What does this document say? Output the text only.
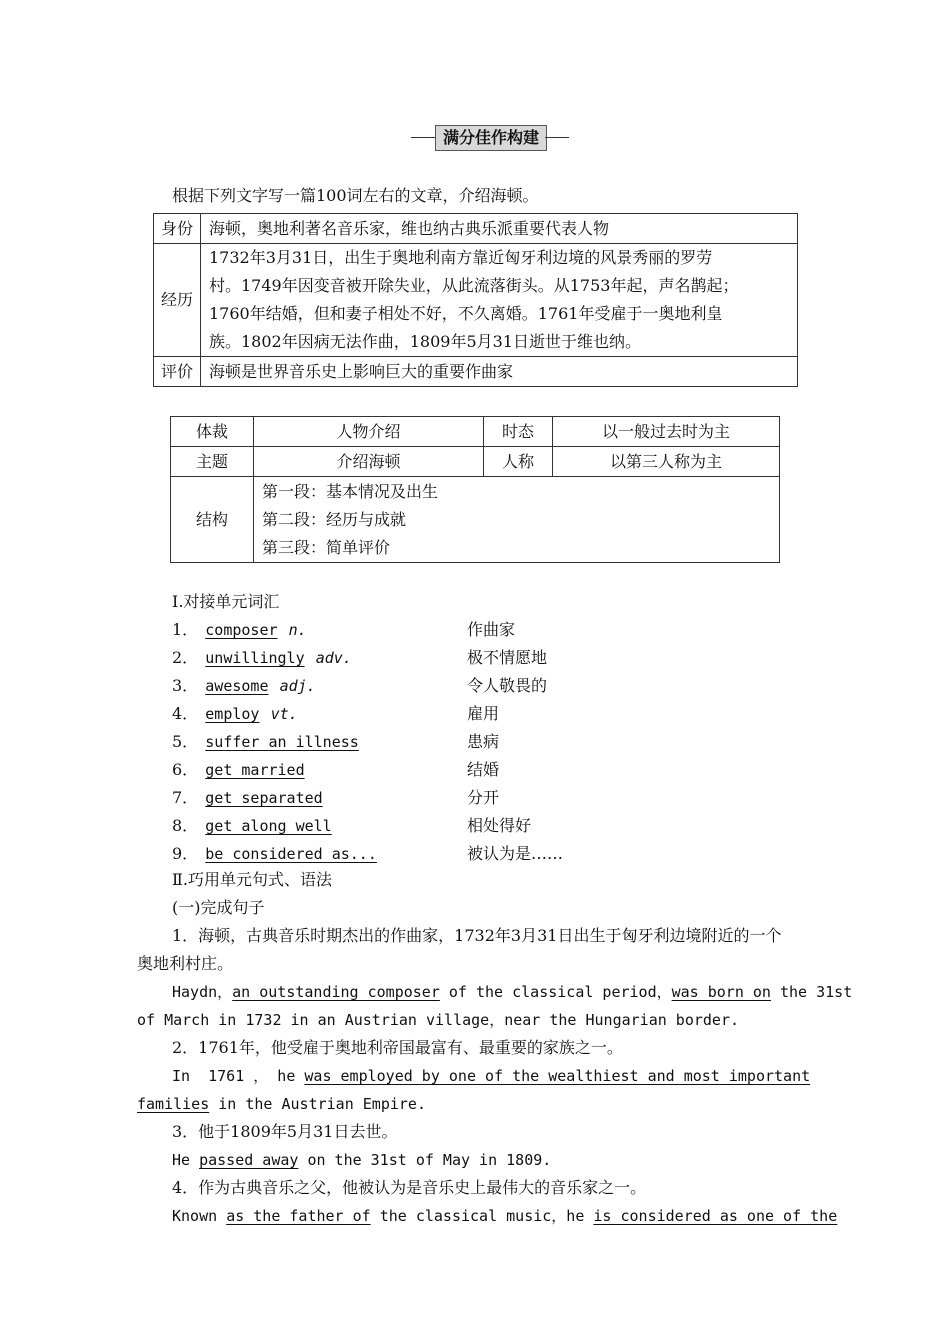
满分佳作构建
根据下列文字写一篇100词左右的文章，介绍海顿。
身份	海顿，奥地利著名音乐家，维也纳古典乐派重要代表人物
经历	1732年3月31日，出生于奥地利南方靠近匈牙利边境的风景秀丽的罗劳
村。1749年因变音被开除失业，从此流落街头。从1753年起，声名鹊起；
1760年结婚，但和妻子相处不好，不久离婚。1761年受雇于一奥地利皇
族。1802年因病无法作曲，1809年5月31日逝世于维也纳。

评价	海顿是世界音乐史上影响巨大的重要作曲家
体裁	人物介绍	时态	以一般过去时为主
主题	介绍海顿	人称	以第三人称为主
结构	第一段：基本情况及出生
第二段：经历与成就
第三段：简单评价		
Ⅰ.对接单元词汇
1． composer n.	作曲家
2． unwillingly adv.	极不情愿地
3． awesome adj.	令人敬畏的
4． employ vt.	雇用
5． suffer an illness	患病
6． get married	结婚
7． get separated	分开
8． get along well	相处得好
9． be considered as...	被认为是……
Ⅱ.巧用单元句式、语法
(一)完成句子
1．海顿，古典音乐时期杰出的作曲家，1732年3月31日出生于匈牙利边境附近的一个
奥地利村庄。
Haydn，an outstanding composer of the classical period，was born on the 31st
of March in 1732 in an Austrian village，near the Hungarian border.
2．1761年，他受雇于奥地利帝国最富有、最重要的家族之一。
In  1761 ， he was employed by one of the wealthiest and most important
families in the Austrian Empire.
3．他于1809年5月31日去世。
He passed away on the 31st of May in 1809.
4．作为古典音乐之父，他被认为是音乐史上最伟大的音乐家之一。
Known as the father of the classical music，he is considered as one of the
